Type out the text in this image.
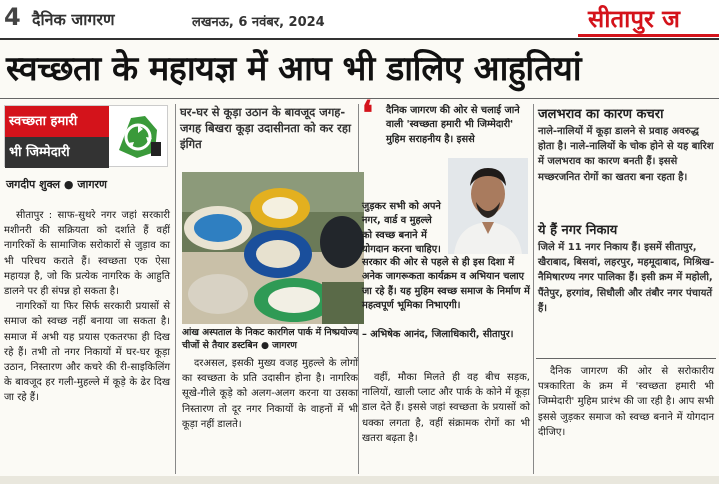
4 दैनिक जागरण	लखनऊ, 6 नवंबर, 2024	सीतापुर ज
स्वच्छता के महायज्ञ में आप भी डालिए आहुतियां
स्वच्छता हमारी
भी जिम्मेदारी
जगदीप शुक्ल ● जागरण

सीतापुर : साफ-सुथरे नगर जहां सरकारी मशीनरी की सक्रियता को दर्शाते हैं वहीं नागरिकों के सामाजिक सरोकारों से जुड़ाव का भी परिचय कराते हैं। स्वच्छता एक ऐसा महायज्ञ है, जो कि प्रत्येक नागरिक के आहुति डालने पर ही संपन्न हो सकता है।

नागरिकों या फिर सिर्फ सरकारी प्रयासों से समाज को स्वच्छ नहीं बनाया जा सकता है। समाज में अभी यह प्रयास एकतरफा ही दिख रहे हैं। तभी तो नगर निकायों में घर-घर कूड़ा उठान, निस्तारण और कचरे की री-साइकिलिंग के बावजूद हर गली-मुहल्ले में कूड़े के ढेर दिख जा रहे हैं।

घर-घर से कूड़ा उठान के बावजूद जगह-जगह बिखरा कूड़ा उदासीनता को कर रहा इंगित
आंख अस्पताल के निकट कारगिल पार्क में निष्प्रयोज्य चीजों से तैयार डस्टबिन ● जागरण

दरअसल, इसकी मुख्य वजह मुहल्ले के लोगों का स्वच्छता के प्रति उदासीन होना है। नागरिक सूखे-गीले कूड़े को अलग-अलग करना या उसका निस्तारण तो दूर नगर निकायों के वाहनों में भी कूड़ा नहीं डालते।

❛ दैनिक जागरण की ओर से चलाई जाने वाली 'स्वच्छता हमारी भी जिम्मेदारी' मुहिम सराहनीय है। इससे
जुड़कर सभी को अपने नगर, वार्ड व मुहल्ले को स्वच्छ बनाने में योगदान करना चाहिए।
सरकार की ओर से पहले से ही इस दिशा में अनेक जागरूकता कार्यक्रम व अभियान चलाए जा रहे हैं। यह मुहिम स्वच्छ समाज के निर्माण में महत्वपूर्ण भूमिका निभाएगी।
– अभिषेक आनंद, जिलाधिकारी, सीतापुर।

वहीं, मौका मिलते ही वह बीच सड़क, नालियों, खाली प्लाट और पार्क के कोने में कूड़ा डाल देते हैं। इससे जहां स्वच्छता के प्रयासों को धक्का लगता है, वहीं संक्रामक रोगों का भी खतरा बढ़ता है।

जलभराव का कारण कचरा
नाले-नालियों में कूड़ा डालने से प्रवाह अवरुद्ध होता है। नाले-नालियों के चोक होने से यह बारिश में जलभराव का कारण बनती हैं। इससे मच्छरजनित रोगों का खतरा बना रहता है।
ये हैं नगर निकाय
जिले में 11 नगर निकाय हैं। इसमें सीतापुर, खैराबाद, बिसवां, लहरपुर, महमूदाबाद, मिश्रिख-नैमिषारण्य नगर पालिका हैं। इसी क्रम में महोली, पैंतेपुर, हरगांव, सिधौली और तंबौर नगर पंचायतें हैं।

दैनिक जागरण की ओर से सरोकारीय पत्रकारिता के क्रम में 'स्वच्छता हमारी भी जिम्मेदारी' मुहिम प्रारंभ की जा रही है। आप सभी इससे जुड़कर समाज को स्वच्छ बनाने में योगदान दीजिए।
